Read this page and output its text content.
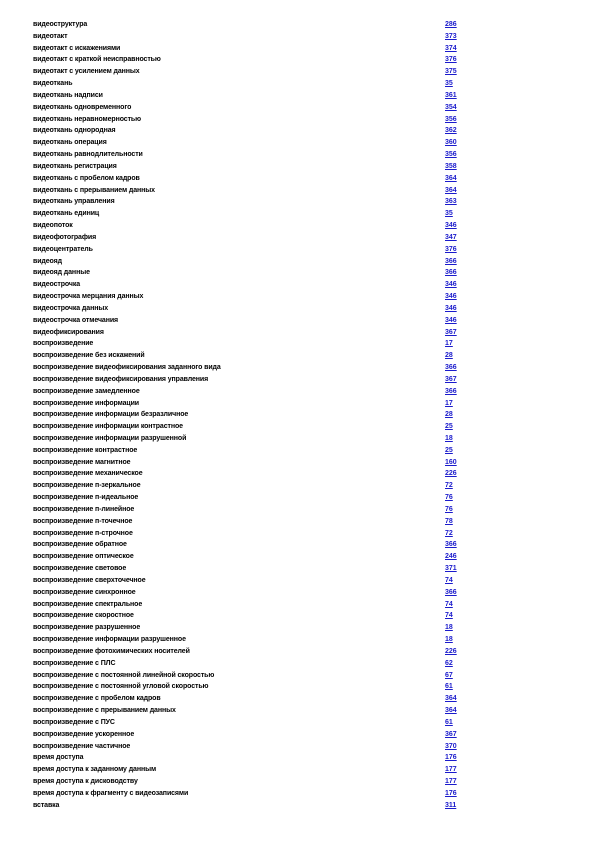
видеоструктура	286
видеотакт	373
видеотакт с искажениями	374
видеотакт с краткой неисправностью	376
видеотакт с усилением данных	375
видеоткань	35
видеоткань надписи	361
видеоткань одновременного	354
видеоткань неравномерностью	356
видеоткань однородная	362
видеоткань операция	360
видеоткань равнодлительности	356
видеоткань регистрация	358
видеоткань с пробелом кадров	364
видеоткань с прерыванием данных	364
видеоткань управления	363
видеоткань единиц	35
видеопоток	346
видеофотография	347
видеоцентратель	376
видеояд	366
видеояд данные	366
видеострочка	346
видеострочка мерцания данных	346
видеострочка данных	346
видеострочка отмечания	346
видеофиксирования	367
воспроизведение	17
воспроизведение без искажений	28
воспроизведение видеофиксирования заданного вида	366
воспроизведение видеофиксирования управления	367
воспроизведение замедленное	366
воспроизведение информации	17
воспроизведение информации безразличное	28
воспроизведение информации контрастное	25
воспроизведение информации разрушенной	18
воспроизведение контрастное	25
воспроизведение магнитное	160
воспроизведение механическое	226
воспроизведение п-зеркальное	72
воспроизведение п-идеальное	76
воспроизведение п-линейное	76
воспроизведение п-точечное	78
воспроизведение п-строчное	72
воспроизведение обратное	366
воспроизведение оптическое	246
воспроизведение световое	371
воспроизведение сверхточечное	74
воспроизведение синхронное	366
воспроизведение спектральное	74
воспроизведение скоростное	74
воспроизведение разрушенное	18
воспроизведение информации разрушенное	18
воспроизведение фотохимических носителей	226
воспроизведение с ПЛС	62
воспроизведение с постоянной линейной скоростью	67
воспроизведение с постоянной угловой скоростью	61
воспроизведение с пробелом кадров	364
воспроизведение с прерыванием данных	364
воспроизведение с ПУС	61
воспроизведение ускоренное	367
воспроизведение частичное	370
время доступа	176
время доступа к заданному данным	177
время доступа к дисководству	177
время доступа к фрагменту с видеозаписями	176
вставка	311
